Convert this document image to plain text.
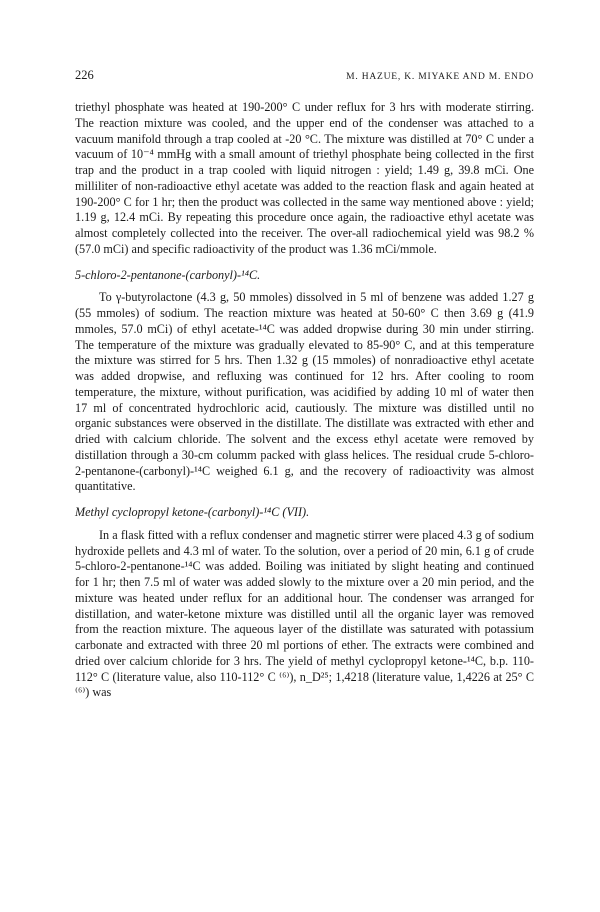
226	M. HAZUE, K. MIYAKE AND M. ENDO

triethyl phosphate was heated at 190-200° C under reflux for 3 hrs with moderate stirring. The reaction mixture was cooled, and the upper end of the condenser was attached to a vacuum manifold through a trap cooled at -20 °C. The mixture was distilled at 70° C under a vacuum of 10⁻⁴ mmHg with a small amount of triethyl phosphate being collected in the first trap and the product in a trap cooled with liquid nitrogen : yield; 1.49 g, 39.8 mCi. One milliliter of non-radioactive ethyl acetate was added to the reaction flask and again heated at 190-200° C for 1 hr; then the product was collected in the same way mentioned above : yield; 1.19 g, 12.4 mCi. By repeating this procedure once again, the radioactive ethyl acetate was almost completely collected into the receiver. The over-all radiochemical yield was 98.2 % (57.0 mCi) and specific radioactivity of the product was 1.36 mCi/mmole.

5-chloro-2-pentanone-(carbonyl)-¹⁴C.

To γ-butyrolactone (4.3 g, 50 mmoles) dissolved in 5 ml of benzene was added 1.27 g (55 mmoles) of sodium. The reaction mixture was heated at 50-60° C then 3.69 g (41.9 mmoles, 57.0 mCi) of ethyl acetate-¹⁴C was added dropwise during 30 min under stirring. The temperature of the mixture was gradually elevated to 85-90° C, and at this temperature the mixture was stirred for 5 hrs. Then 1.32 g (15 mmoles) of nonradioactive ethyl acetate was added dropwise, and refluxing was continued for 12 hrs. After cooling to room temperature, the mixture, without purification, was acidified by adding 10 ml of water then 17 ml of concentrated hydrochloric acid, cautiously. The mixture was distilled until no organic substances were observed in the distillate. The distillate was extracted with ether and dried with calcium chloride. The solvent and the excess ethyl acetate were removed by distillation through a 30-cm columm packed with glass helices. The residual crude 5-chloro-2-pentanone-(carbonyl)-¹⁴C weighed 6.1 g, and the recovery of radioactivity was almost quantitative.

Methyl cyclopropyl ketone-(carbonyl)-¹⁴C (VII).

In a flask fitted with a reflux condenser and magnetic stirrer were placed 4.3 g of sodium hydroxide pellets and 4.3 ml of water. To the solution, over a period of 20 min, 6.1 g of crude 5-chloro-2-pentanone-¹⁴C was added. Boiling was initiated by slight heating and continued for 1 hr; then 7.5 ml of water was added slowly to the mixture over a 20 min period, and the mixture was heated under reflux for an additional hour. The condenser was arranged for distillation, and water-ketone mixture was distilled until all the organic layer was removed from the reaction mixture. The aqueous layer of the distillate was saturated with potassium carbonate and extracted with three 20 ml portions of ether. The extracts were combined and dried over calcium chloride for 3 hrs. The yield of methyl cyclopropyl ketone-¹⁴C, b.p. 110-112° C (literature value, also 110-112° C ⁽⁶⁾), n_D²⁵; 1,4218 (literature value, 1,4226 at 25° C ⁽⁶⁾) was
